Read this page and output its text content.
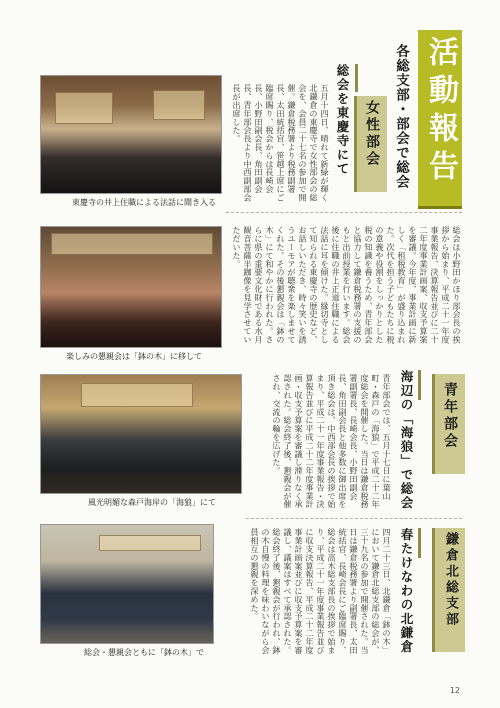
活動報告
各総支部・部会で総会
女性部会
総会を東慶寺にて
五月十四日、晴れて新緑が輝く北鎌倉の東慶寺で女性部会の総会を、会員二十七名の参加で開催。鎌倉税務署より税務副署長、太田統括官、笹越上席にご臨席賜り、税会からは長崎会長、小野田副会長、角田副会長、青年部会長より中西副部会長が出席した。
総会は小野田かほり部会長の挨拶から始まり、平成二十一年度事業報告、決算報告並びに二十二年度事業計画案、収支予算案を審議。今年度、事業計画に新しく「租税教育」が盛り込まれた。次代を担う子どもたちに税の意義や役割をしっかりとした税の知識を養うため、青年部会と協力して鎌倉税務署の支援のもと出前授業を行います。総会後に住職の井上正道住職による法話に耳を傾けた。縁切寺として知られる東慶寺の歴史など、お話しいただき、時々笑いを誘うユーモアが聴衆を楽しませてくれた。その後懇親会は「鉢の木」にて和やかに行われた。さらに県の重要文化財である水月観音菩薩半跏像を見学させていただいた。
青年部会
海辺の「海狼」で総会
青年部会では、五月十七日に葉山町・森戸の「海狼」で平成二十二年度総会を開催した。当日は鎌倉税務署副署長、長崎会長、小野田副会長、角田副会長と他多数に御出席を頂き総会は、中西部会長の挨拶で始まり、平成二十一年度事業報告・決算報告並びに平成二十二年度事業計画・収支予算案を審議し滞りなく承認された。総会終了後、懇親会が催され、交流の輪を広げた。
鎌倉北総支部
春たけなわの北鎌倉
四月二十三日、北鎌倉「鉢の木」において鎌倉北総支部の総会が、三十九名の参加で開催された。当日は鎌倉税務署より副署長、太田統括官、長崎会長にご臨席賜り、総会は高木総支部長の挨拶で始まり、平成二十一年度事業報告並びに収支決算報告、平成二十二年度事業計画案並びに収支予算案を審議し、議案はすべて承認された。総会終了後、懇親会が行われ、鉢の木自慢の料理を味わいながら会員相互の懇親を深めた。
東慶寺の井上住職による法話に聞き入る
楽しみの懇親会は「鉢の木」に移して
風光明媚な森戸海岸の「海狼」にて
総会・懇親会ともに「鉢の木」で
12
